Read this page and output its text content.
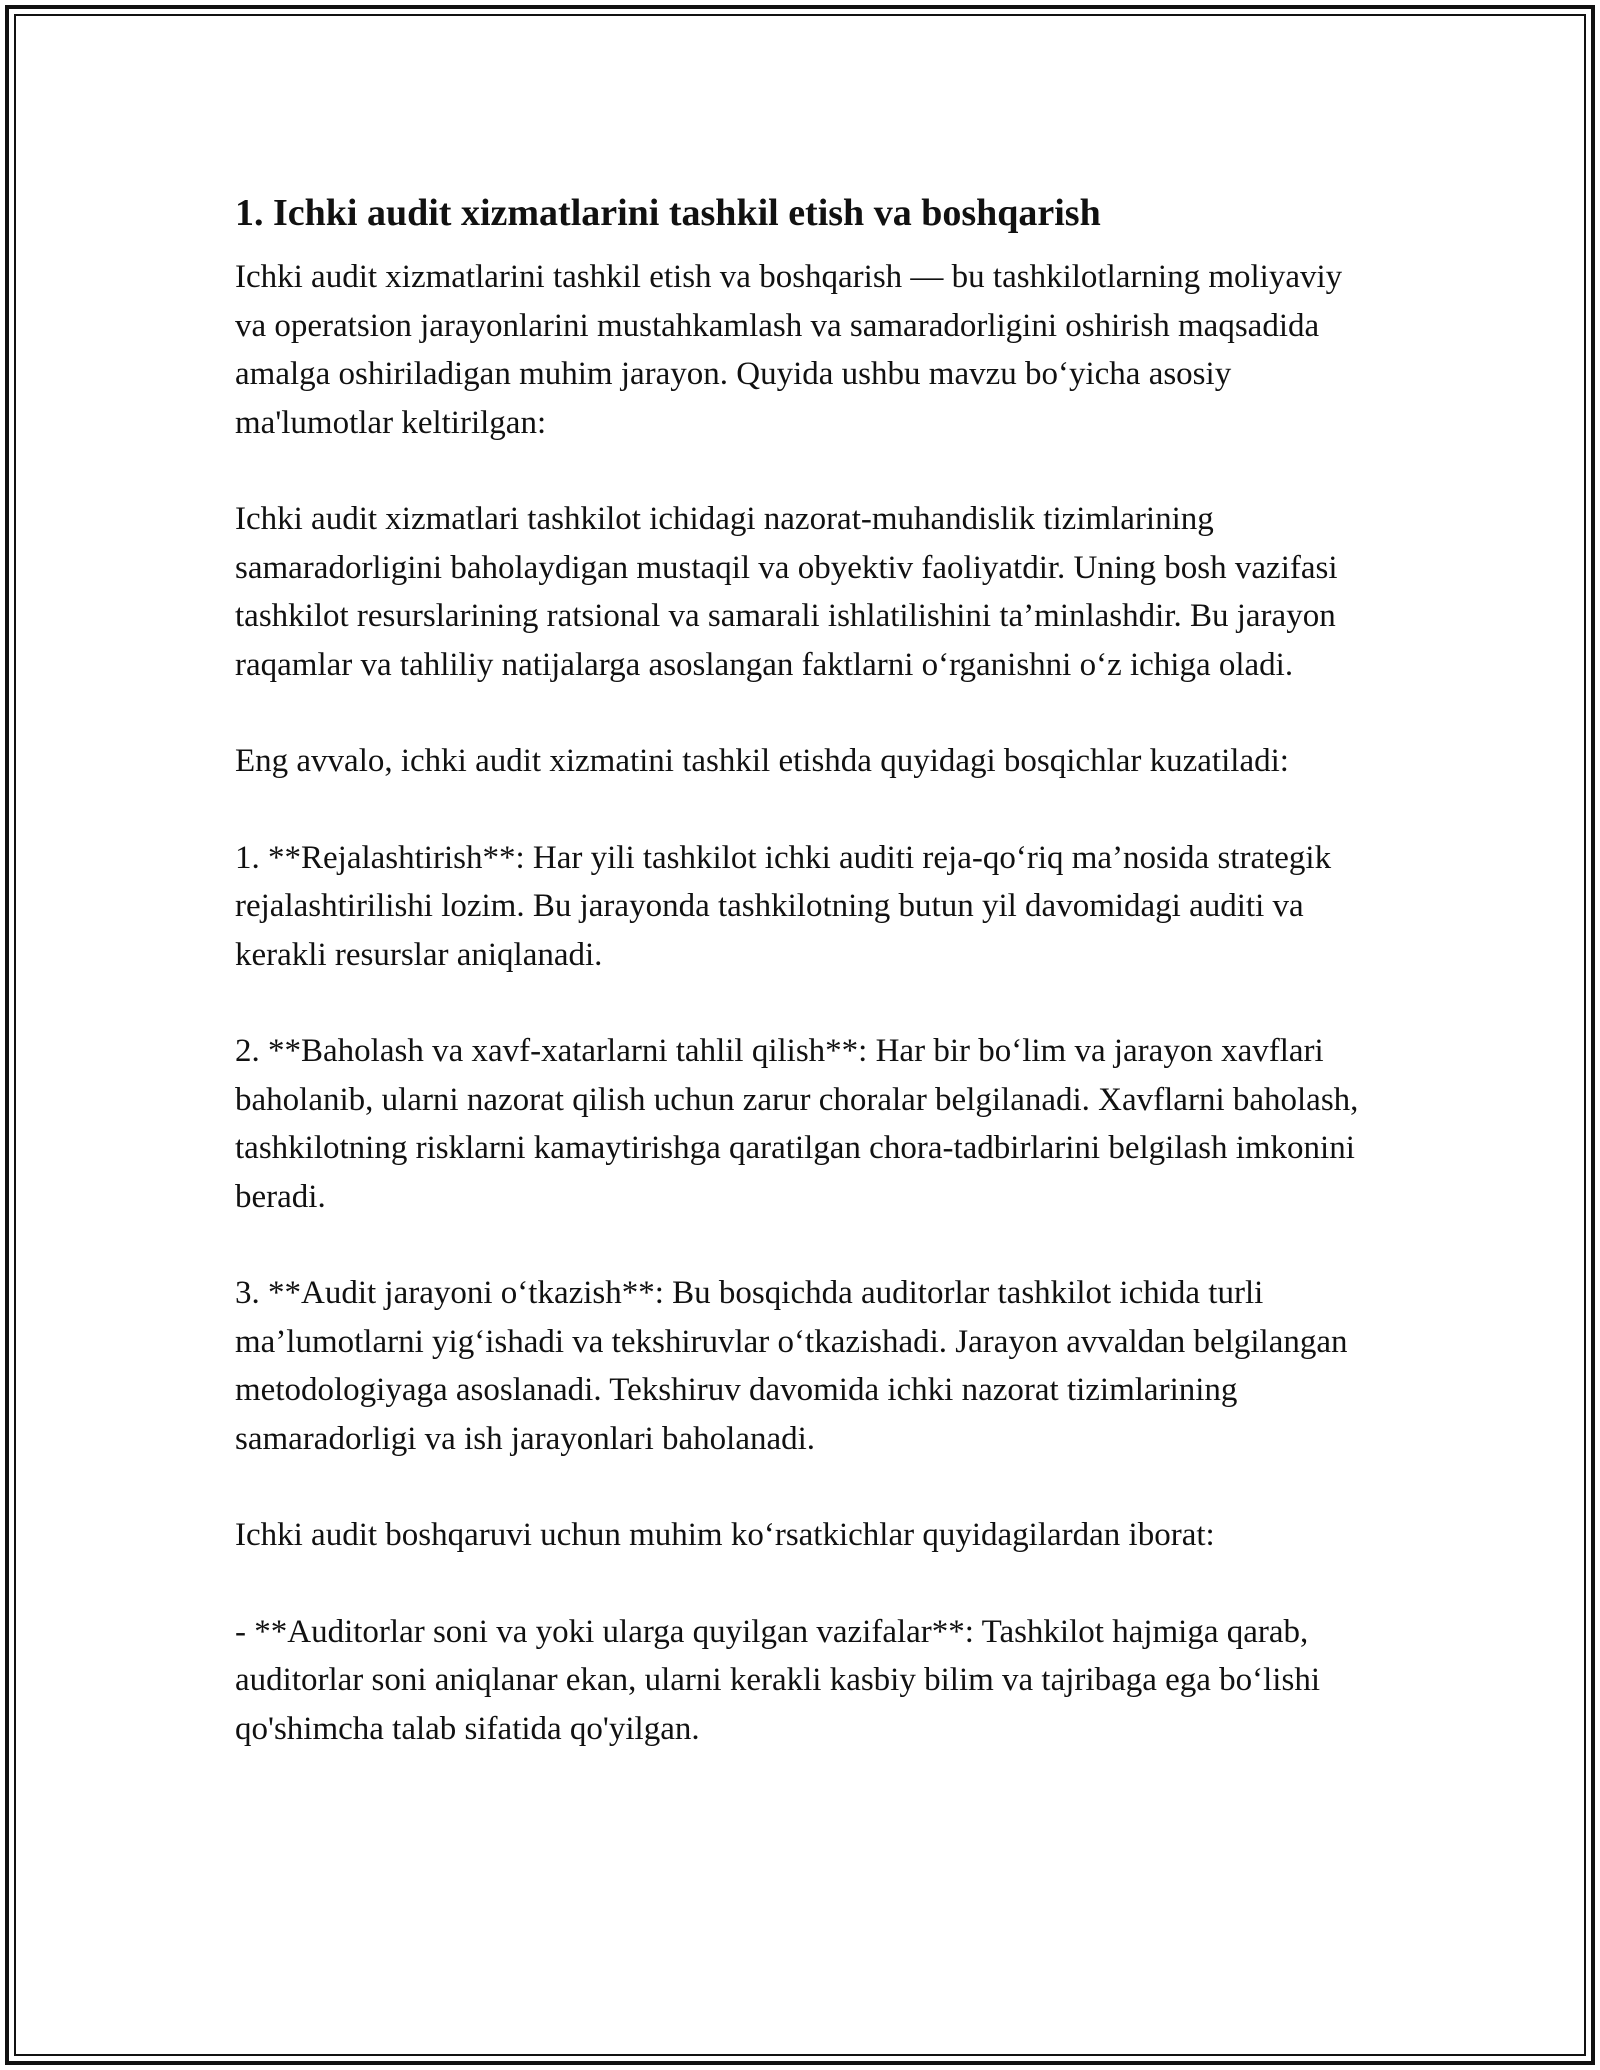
1. Ichki audit xizmatlarini tashkil etish va boshqarish

Ichki audit xizmatlarini tashkil etish va boshqarish — bu tashkilotlarning moliyaviy va operatsion jarayonlarini mustahkamlash va samaradorligini oshirish maqsadida amalga oshiriladigan muhim jarayon. Quyida ushbu mavzu bo‘yicha asosiy ma'lumotlar keltirilgan:

Ichki audit xizmatlari tashkilot ichidagi nazorat-muhandislik tizimlarining samaradorligini baholaydigan mustaqil va obyektiv faoliyatdir. Uning bosh vazifasi tashkilot resurslarining ratsional va samarali ishlatilishini ta’minlashdir. Bu jarayon raqamlar va tahliliy natijalarga asoslangan faktlarni o‘rganishni o‘z ichiga oladi.

Eng avvalo, ichki audit xizmatini tashkil etishda quyidagi bosqichlar kuzatiladi:

1. **Rejalashtirish**: Har yili tashkilot ichki auditi reja-qo‘riq ma’nosida strategik rejalashtirilishi lozim. Bu jarayonda tashkilotning butun yil davomidagi auditi va kerakli resurslar aniqlanadi.

2. **Baholash va xavf-xatarlarni tahlil qilish**: Har bir bo‘lim va jarayon xavflari baholanib, ularni nazorat qilish uchun zarur choralar belgilanadi. Xavflarni baholash, tashkilotning risklarni kamaytirishga qaratilgan chora-tadbirlarini belgilash imkonini beradi.

3. **Audit jarayoni o‘tkazish**: Bu bosqichda auditorlar tashkilot ichida turli ma’lumotlarni yig‘ishadi va tekshiruvlar o‘tkazishadi. Jarayon avvaldan belgilangan metodologiyaga asoslanadi. Tekshiruv davomida ichki nazorat tizimlarining samaradorligi va ish jarayonlari baholanadi.

Ichki audit boshqaruvi uchun muhim ko‘rsatkichlar quyidagilardan iborat:

- **Auditorlar soni va yoki ularga quyilgan vazifalar**: Tashkilot hajmiga qarab, auditorlar soni aniqlanar ekan, ularni kerakli kasbiy bilim va tajribaga ega bo‘lishi qo'shimcha talab sifatida qo'yilgan.
